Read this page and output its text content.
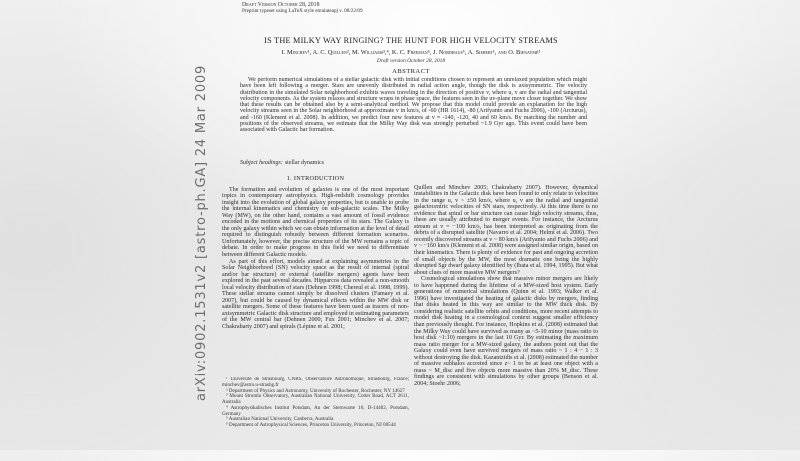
arXiv:0902.1531v2 [astro-ph.GA] 24 Mar 2009
Draft Version October 28, 2018
Preprint typeset using LaTeX style emulateapj v. 08/22/09
IS THE MILKY WAY RINGING? THE HUNT FOR HIGH VELOCITY STREAMS
I. Minchev¹, A. C. Quillen², M. Williams³,⁴, K. C. Freeman⁵, J. Nordhaus⁶, A. Siebert¹, and O. Bienaymé¹
Draft version October 28, 2018
ABSTRACT
We perform numerical simulations of a stellar galactic disk with initial conditions chosen to represent an unrelaxed population which might have been left following a merger. Stars are unevenly distributed in radial action angle, though the disk is axisymmetric. The velocity distribution in the simulated Solar neighborhood exhibits waves traveling in the direction of positive v, where u, v are the radial and tangential velocity components. As the system relaxes and structure wraps in phase space, the features seen in the uv-plane move closer together. We show that these results can be obtained also by a semi-analytical method. We propose that this model could provide an explanation for the high velocity streams seen in the Solar neighborhood at approximate v in km/s, of -60 (HR 1614), -80 (Arifyanto and Fuchs 2006), -100 (Arcturus), and -160 (Klement et al. 2008). In addition, we predict four new features at v ≈ -140, -120, 40 and 60 km/s. By matching the number and positions of the observed streams, we estimate that the Milky Way disk was strongly perturbed ~1.9 Gyr ago. This event could have been associated with Galactic bar formation.
Subject headings: stellar dynamics
1. INTRODUCTION

The formation and evolution of galaxies is one of the most important topics in contemporary astrophysics. High-redshift cosmology provides insight into the evolution of global galaxy properties, but is unable to probe the internal kinematics and chemistry on sub-galactic scales. The Milky Way (MW), on the other hand, contains a vast amount of fossil evidence encoded in the motions and chemical properties of its stars. The Galaxy is the only galaxy within which we can obtain information at the level of detail required to distinguish robustly between different formation scenarios. Unfortunately, however, the precise structure of the MW remains a topic of debate. In order to make progress in this field we need to differentiate between different Galactic models.

As part of this effort, models aimed at explaining asymmetries in the Solar Neighborhood (SN) velocity space as the result of internal (spiral and/or bar structure) or external (satellite mergers) agents have been explored in the past several decades. Hipparcos data revealed a non-smooth local velocity distribution of stars (Dehnen 1998; Chereul et al. 1998, 1999). These stellar streams cannot simply be dissolved clusters (Famaey et al. 2007), but could be caused by dynamical effects within the MW disk or satellite mergers. Some of these features have been used as tracers of non-axisymmetric Galactic disk structure and employed in estimating parameters of the MW central bar (Dehnen 2000; Fux 2001; Minchev et al. 2007; Chakrabarty 2007) and spirals (Lépine et al. 2001;

Quillen and Minchev 2005; Chakrabarty 2007). However, dynamical instabilities in the Galactic disk have been found to only relate to velocities in the range u, v ~ ±50 km/s, where u, v are the radial and tangential galactocentric velocities of SN stars, respectively. At this time there is no evidence that spiral or bar structure can cause high velocity streams, thus, these are usually attributed to merger events. For instance, the Arcturus stream at v = −100 km/s, has been interpreted as originating from the debris of a disrupted satellite (Navarro et al. 2004; Helmi et al. 2006). Two recently discovered streams at v ~ 80 km/s (Arifyanto and Fuchs 2006) and v ~ −160 km/s (Klement et al. 2008) were assigned similar origin, based on their kinematics. There is plenty of evidence for past and ongoing accretion of small objects by the MW, the most dramatic one being the highly disrupted Sgr dwarf galaxy identified by (Ibata et al. 1994, 1995). But what about clues of more massive MW mergers?

Cosmological simulations show that massive minor mergers are likely to have happened during the lifetime of a MW-sized host system. Early generations of numerical simulations (Quinn et al. 1993; Walker et al. 1996) have investigated the heating of galactic disks by mergers, finding that disks heated in this way are similar to the MW thick disk. By considering realistic satellite orbits and conditions, more recent attempts to model disk heating in a cosmological context suggest smaller efficiency than previously thought. For instance, Hopkins et al. (2008) estimated that the Milky Way could have survived as many as ~5-10 minor (mass ratio to host disk ~1:10) mergers in the last 10 Gyr. By estimating the maximum mass ratio merger for a MW-sized galaxy, the authors point out that the Galaxy could even have survived mergers of mass ratio ~ 1 : 4 − 1 : 3 without destroying the disk. Kazantzidis et al. (2008) estimated the number of massive subhalos accreted since z~ 1 to be at least one object with a mass ~ M_disc and five objects more massive than 20% M_disc. These findings are consistent with simulations by other groups (Benson et al. 2004; Stoehr 2006;

¹ Université de Strasbourg, CNRS, Observatoire Astronomique, Strasbourg, France; minchev@astro.u-strasbg.fr

² Department of Physics and Astronomy, University of Rochester, Rochester, NY 14627

³ Mount Stromlo Observatory, Australian National University, Cotter Road, ACT 2611, Australia

⁴ Astrophysikalisches Institut Potsdam, An der Sternwarte 16, D-14482, Potsdam, Germany

⁵ Australian National University, Canberra, Australia

⁶ Department of Astrophysical Sciences, Princeton University, Princeton, NJ 08544
